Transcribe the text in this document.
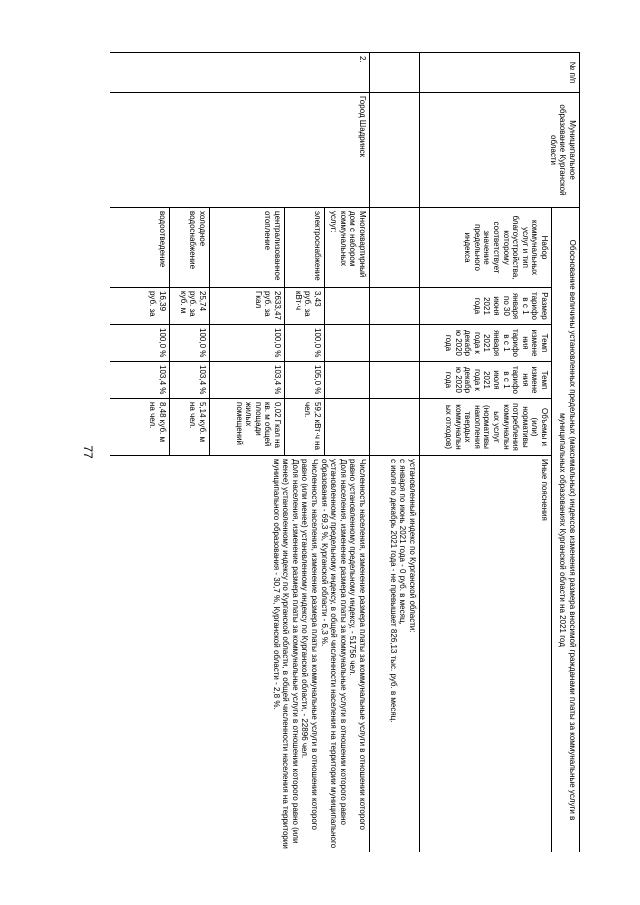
77
№ п/п	Муниципальное образование Курганской области	Обоснование величины установленных предельных (максимальных) индексов изменения размера вносимой гражданами платы за коммунальные услуги в муниципальных образованиях Курганской области на 2021 год					
		Набор коммунальных услуг и тип благоустройства, которому соответствует значение предельного индекса	Размер тарифов с 1 января по 30 июня 2021 года	Темп изменения тарифов с 1 января 2021 года к декабрю 2020 года	Темп изменения тарифов с 1 июля 2021 года к декабрю 2020 года	Объемы и (или) нормативы потребления коммунальных услуг (нормативы накопления твердых коммунальных отходов)	Иные пояснения
							установленный индекс по Курганской области:
с января по июнь 2021 года - 0 руб. в месяц,
с июля по декабрь 2021 года - не превышает 826,13 тыс. руб. в месяц.
2.	Город Шадринск	Многоквартирный дом с набором коммунальных услуг:					Численность населения, изменение размера платы за коммунальные услуги в отношении которого равно установленному предельному индексу, - 51756 чел.
Доля населения, изменение размера платы за коммунальные услуги в отношении которого равно установленному предельному индексу, в общей численности населения на территории муниципального образования - 69,3 %, Курганской области - 6,3 %.
Численность населения, изменение размера платы за коммунальные услуги в отношении которого равно (или менее) установленному индексу по Курганской области, - 22896 чел.
Доля населения, изменение размера платы за коммунальные услуги в отношении которого равно (или менее) установленному индексу по Курганской области, в общей численности населения на территории муниципального образования - 30,7 %, Курганской области - 2,8 %.
		электроснабжение	3,43 руб. за кВт·ч	100,0 %	105,0 %	59,2 кВт·ч на чел.	
		централизованное отопление	2633,47 руб. за Гкал	100,0 %	103,4 %	0,02 Гкал на кв. м общей площади жилых помещений	
		холодное водоснабжение	25,74 руб. за куб. м	100,0 %	103,4 %	5,14 куб. м на чел.	
		водоотведение	16,39 руб. за	100,0 %	103,4 %	8,48 куб. м на чел.	
